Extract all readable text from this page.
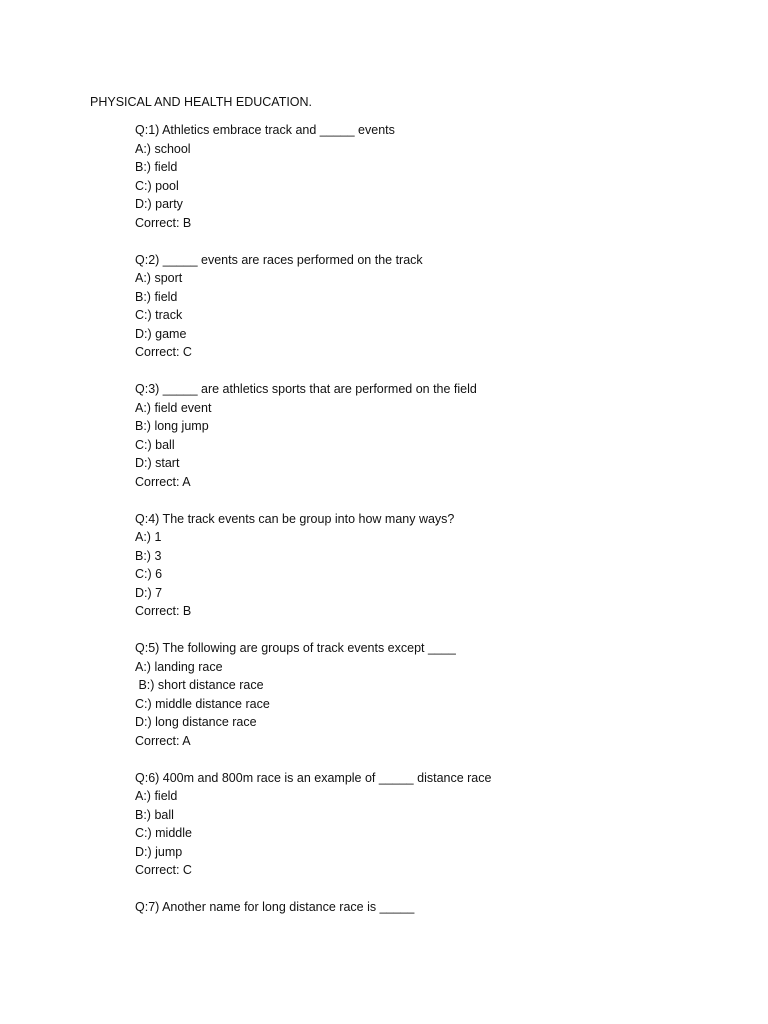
PHYSICAL AND HEALTH EDUCATION.
Q:1) Athletics embrace track and _____ events
A:) school
B:) field
C:) pool
D:) party
Correct: B
Q:2) _____ events are races performed on the track
A:) sport
B:) field
C:) track
D:) game
Correct: C
Q:3) _____ are athletics sports that are performed on the field
A:) field event
B:) long jump
C:) ball
D:) start
Correct: A
Q:4) The track events can be group into how many ways?
A:) 1
B:) 3
C:) 6
D:) 7
Correct: B
Q:5) The following are groups of track events except ____
A:) landing race
B:) short distance race
C:) middle distance race
D:) long distance race
Correct: A
Q:6) 400m and 800m race is an example of _____ distance race
A:) field
B:) ball
C:) middle
D:) jump
Correct: C
Q:7) Another name for long distance race is _____
